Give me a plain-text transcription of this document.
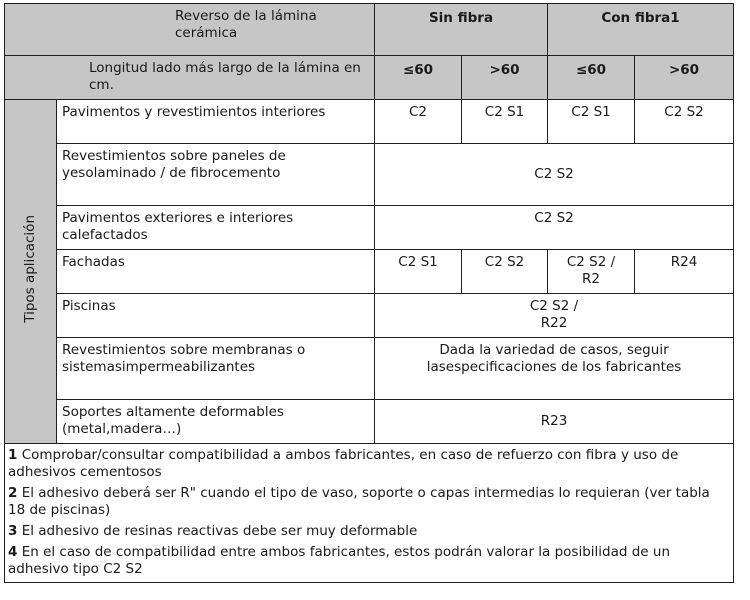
Reverso de la lámina cerámica		Sin fibra		Con fibra1	
Longitud lado más largo de la lámina en cm.		≤60	>60	≤60	>60
Tipos aplicación	Pavimentos y revestimientos interiores	C2	C2 S1	C2 S1	C2 S2
	Revestimientos sobre paneles de yesolaminado / de fibrocemento	C2 S2			
	Pavimentos exteriores e interiores calefactados	C2 S2			
	Fachadas	C2 S1	C2 S2	C2 S2 / R2	R24
	Piscinas	C2 S2 / R22			
	Revestimientos sobre membranas o sistemasimpermeabilizantes	Dada la variedad de casos, seguir lasespecificaciones de los fabricantes			
	Soportes altamente deformables (metal,madera…)	R23			

1 Comprobar/consultar compatibilidad a ambos fabricantes, en caso de refuerzo con fibra y uso de adhesivos cementosos

2 El adhesivo deberá ser R" cuando el tipo de vaso, soporte o capas intermedias lo requieran (ver tabla 18 de piscinas)

3 El adhesivo de resinas reactivas debe ser muy deformable

4 En el caso de compatibilidad entre ambos fabricantes, estos podrán valorar la posibilidad de un adhesivo tipo C2 S2					
